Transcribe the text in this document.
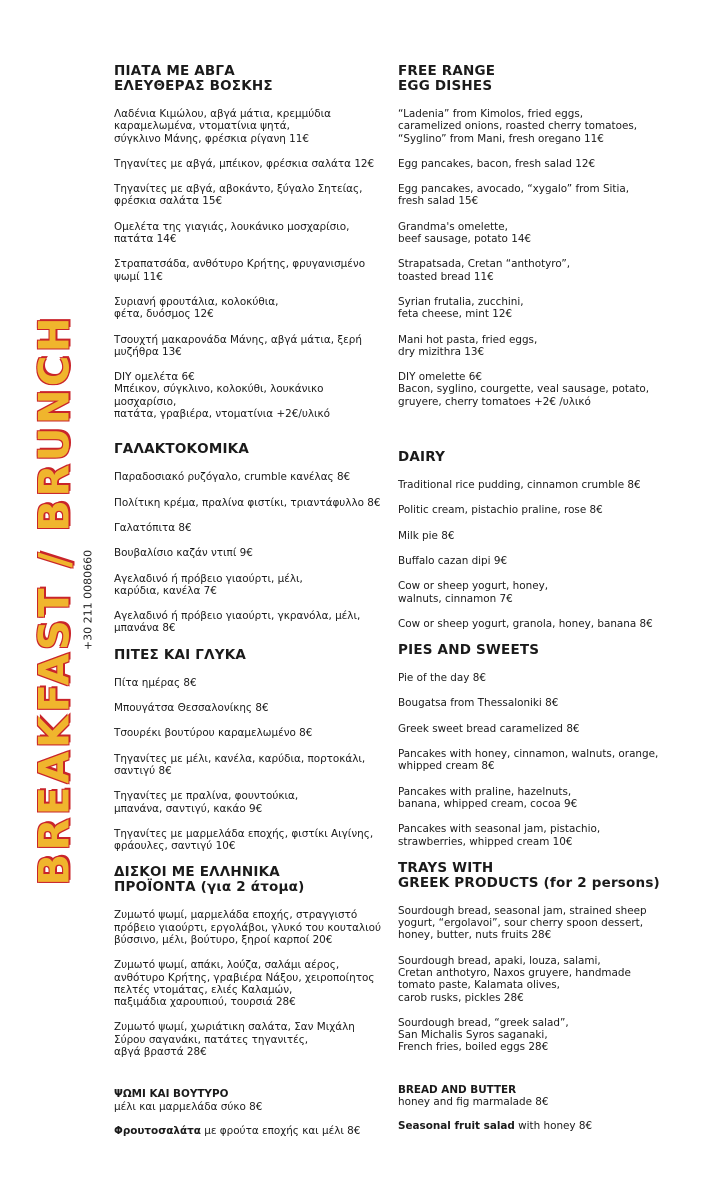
BREAKFAST / BRUNCH +30 211 0080660
ΠΙΑΤΑ ΜΕ ΑΒΓΑ
ΕΛΕΥΘΕΡΑΣ ΒΟΣΚΗΣ
Λαδένια Κιμώλου, αβγά μάτια, κρεμμύδια
καραμελωμένα, ντοματίνια ψητά,
σύγκλινο Μάνης, φρέσκια ρίγανη 11€
Τηγανίτες με αβγά, μπέικον, φρέσκια σαλάτα 12€
Τηγανίτες με αβγά, αβοκάντο, ξύγαλο Σητείας,
φρέσκια σαλάτα 15€
Ομελέτα της γιαγιάς, λουκάνικο μοσχαρίσιο,
πατάτα 14€
Στραπατσάδα, ανθότυρο Κρήτης, φρυγανισμένο
ψωμί 11€
Συριανή φρουτάλια, κολοκύθια,
φέτα, δυόσμος 12€
Τσουχτή μακαρονάδα Μάνης, αβγά μάτια, ξερή
μυζήθρα 13€
DIY ομελέτα 6€
Μπέικον, σύγκλινο, κολοκύθι, λουκάνικο μοσχαρίσιο,
πατάτα, γραβιέρα, ντοματίνια +2€/υλικό
ΓΑΛΑΚΤΟΚΟΜΙΚΑ
Παραδοσιακό ρυζόγαλο, crumble κανέλας 8€
Πολίτικη κρέμα, πραλίνα φιστίκι, τριαντάφυλλο 8€
Γαλατόπιτα 8€
Βουβαλίσιο καζάν ντιπί 9€
Αγελαδινό ή πρόβειο γιαούρτι, μέλι,
καρύδια, κανέλα 7€
Αγελαδινό ή πρόβειο γιαούρτι, γκρανόλα, μέλι,
μπανάνα 8€
ΠΙΤΕΣ ΚΑΙ ΓΛΥΚΑ
Πίτα ημέρας 8€
Μπουγάτσα Θεσσαλονίκης 8€
Τσουρέκι βουτύρου καραμελωμένο 8€
Τηγανίτες με μέλι, κανέλα, καρύδια, πορτοκάλι,
σαντιγύ 8€
Τηγανίτες με πραλίνα, φουντούκια,
μπανάνα, σαντιγύ, κακάο 9€
Τηγανίτες με μαρμελάδα εποχής, φιστίκι Αιγίνης,
φράουλες, σαντιγύ 10€
ΔΙΣΚΟΙ ΜΕ ΕΛΛΗΝΙΚΑ
ΠΡΟΪΟΝΤΑ (για 2 άτομα)
Ζυμωτό ψωμί, μαρμελάδα εποχής, στραγγιστό
πρόβειο γιαούρτι, εργολάβοι, γλυκό του κουταλιού
βύσσινο, μέλι, βούτυρο, ξηροί καρποί 20€
Ζυμωτό ψωμί, απάκι, λούζα, σαλάμι αέρος,
ανθότυρο Κρήτης, γραβιέρα Νάξου, χειροποίητος
πελτές ντομάτας, ελιές Καλαμών,
παξιμάδια χαρουπιού, τουρσιά 28€
Ζυμωτό ψωμί, χωριάτικη σαλάτα, Σαν Μιχάλη
Σύρου σαγανάκι, πατάτες τηγανιτές,
αβγά βραστά 28€
ΨΩΜΙ ΚΑΙ ΒΟΥΤΥΡΟ
μέλι και μαρμελάδα σύκο 8€
Φρουτοσαλάτα με φρούτα εποχής και μέλι 8€
FREE RANGE
EGG DISHES
“Ladenia” from Kimolos, fried eggs,
caramelized onions, roasted cherry tomatoes,
“Syglino” from Mani, fresh oregano 11€
Egg pancakes, bacon, fresh salad 12€
Egg pancakes, avocado, “xygalo” from Sitia,
fresh salad 15€
Grandma's omelette,
beef sausage, potato 14€
Strapatsada, Cretan “anthotyro”,
toasted bread 11€
Syrian frutalia, zucchini,
feta cheese, mint 12€
Mani hot pasta, fried eggs,
dry mizithra 13€
DIY omelette 6€
Bacon, syglino, courgette, veal sausage, potato,
gruyere, cherry tomatoes +2€ /υλικό
DAIRY
Traditional rice pudding, cinnamon crumble 8€
Politic cream, pistachio praline, rose 8€
Milk pie 8€
Buffalo cazan dipi 9€
Cow or sheep yogurt, honey,
walnuts, cinnamon 7€
Cow or sheep yogurt, granola, honey, banana 8€
PIES AND SWEETS
Pie of the day 8€
Bougatsa from Thessaloniki 8€
Greek sweet bread caramelized 8€
Pancakes with honey, cinnamon, walnuts, orange,
whipped cream 8€
Pancakes with praline, hazelnuts,
banana, whipped cream, cocoa 9€
Pancakes with seasonal jam, pistachio,
strawberries, whipped cream 10€
TRAYS WITH
GREEK PRODUCTS (for 2 persons)
Sourdough bread, seasonal jam, strained sheep
yogurt, “ergolavoi”, sour cherry spoon dessert,
honey, butter, nuts fruits 28€
Sourdough bread, apaki, louza, salami,
Cretan anthotyro, Naxos gruyere, handmade
tomato paste, Kalamata olives,
carob rusks, pickles 28€
Sourdough bread, “greek salad”,
San Michalis Syros saganaki,
French fries, boiled eggs 28€
BREAD AND BUTTER
honey and fig marmalade 8€
Seasonal fruit salad with honey 8€
